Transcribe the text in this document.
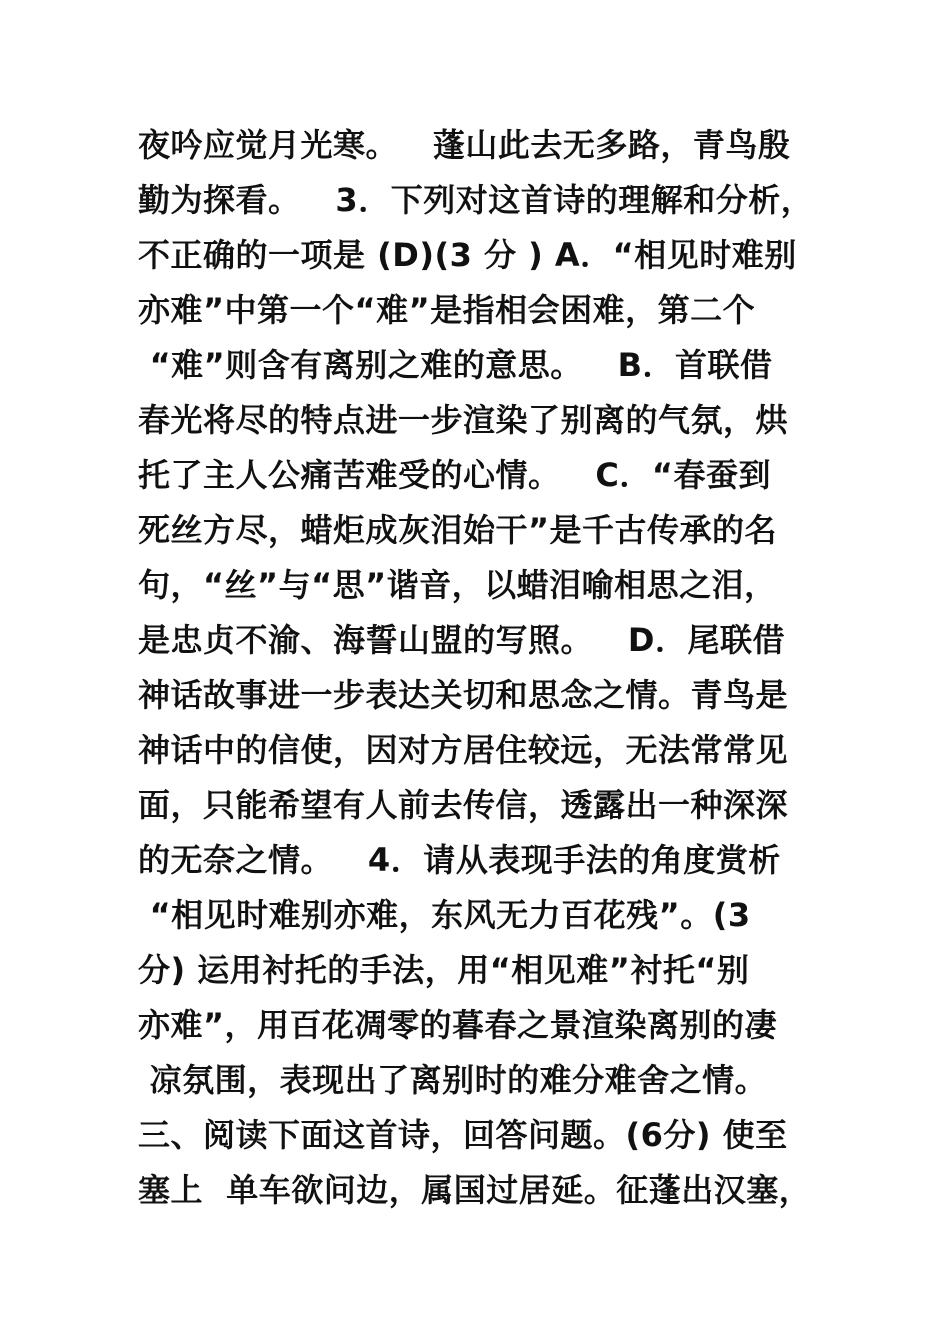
夜吟应觉月光寒。   蓬山此去无多路，青鸟殷
勤为探看。   3．下列对这首诗的理解和分析，
不正确的一项是 (D)(3 分 ) A．“相见时难别
亦难”中第一个“难”是指相会困难，第二个
“难”则含有离别之难的意思。   B．首联借
春光将尽的特点进一步渲染了别离的气氛，烘
托了主人公痛苦难受的心情。   C．“春蚕到
死丝方尽，蜡炬成灰泪始干”是千古传承的名
句，“丝”与“思”谐音，以蜡泪喻相思之泪，
是忠贞不渝、海誓山盟的写照。   D．尾联借
神话故事进一步表达关切和思念之情。青鸟是
神话中的信使，因对方居住较远，无法常常见
面，只能希望有人前去传信，透露出一种深深
的无奈之情。   4．请从表现手法的角度赏析
“相见时难别亦难，东风无力百花残”。(3
分) 运用衬托的手法，用“相见难”衬托“别
亦难”，用百花凋零的暮春之景渲染离别的凄
凉氛围，表现出了离别时的难分难舍之情。
三、阅读下面这首诗，回答问题。(6分) 使至
塞上  单车欲问边，属国过居延。征蓬出汉塞，
